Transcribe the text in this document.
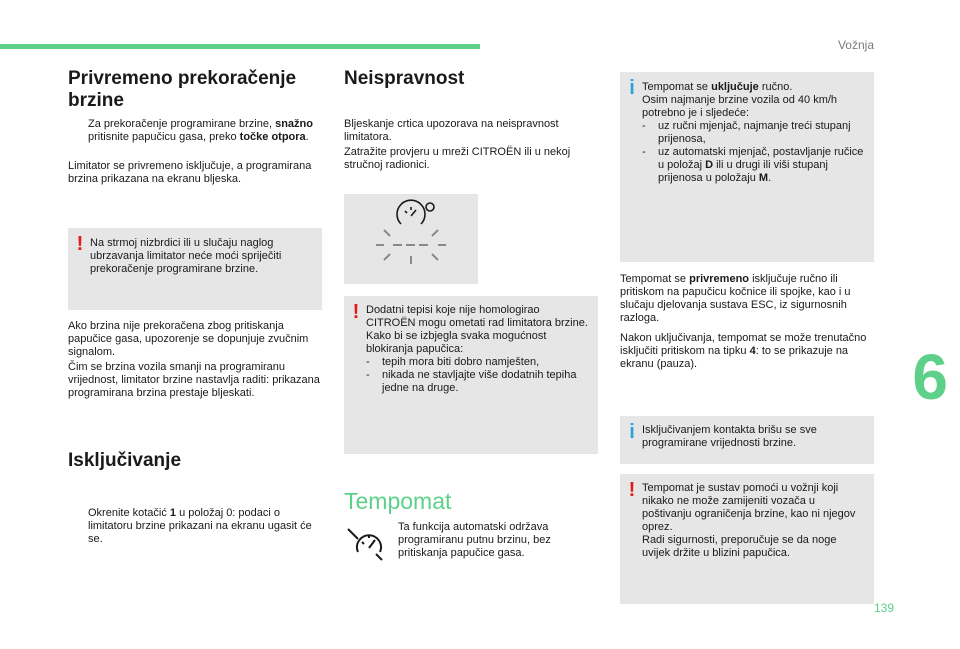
Vožnja
6
139
Privremeno prekoračenje brzine
Za prekoračenje programirane brzine, snažno pritisnite papučicu gasa, preko točke otpora.
Limitator se privremeno isključuje, a programirana brzina prikazana na ekranu bljeska.
! Na strmoj nizbrdici ili u slučaju naglog ubrzavanja limitator neće moći spriječiti prekoračenje programirane brzine.
Ako brzina nije prekoračena zbog pritiskanja papučice gasa, upozorenje se dopunjuje zvučnim signalom.
Čim se brzina vozila smanji na programiranu vrijednost, limitator brzine nastavlja raditi: prikazana programirana brzina prestaje bljeskati.
Isključivanje
Okrenite kotačić 1 u položaj 0: podaci o limitatoru brzine prikazani na ekranu ugasit će se.
Neispravnost
Bljeskanje crtica upozorava na neispravnost limitatora.
Zatražite provjeru u mreži CITROËN ili u nekoj stručnoj radionici.
! Dodatni tepisi koje nije homologirao CITROËN mogu ometati rad limitatora brzine.
Kako bi se izbjegla svaka mogućnost blokiranja papučica:
-	tepih mora biti dobro namješten,
-	nikada ne stavljajte više dodatnih tepiha jedne na druge.
Tempomat
Ta funkcija automatski održava programiranu putnu brzinu, bez pritiskanja papučice gasa.
i Tempomat se uključuje ručno.
Osim najmanje brzine vozila od 40 km/h potrebno je i sljedeće:
-	uz ručni mjenjač, najmanje treći stupanj prijenosa,
-	uz automatski mjenjač, postavljanje ručice u položaj D ili u drugi ili viši stupanj prijenosa u položaju M.
Tempomat se privremeno isključuje ručno ili pritiskom na papučicu kočnice ili spojke, kao i u slučaju djelovanja sustava ESC, iz sigurnosnih razloga.
Nakon uključivanja, tempomat se može trenutačno isključiti pritiskom na tipku 4: to se prikazuje na ekranu (pauza).
i Isključivanjem kontakta brišu se sve programirane vrijednosti brzine.
! Tempomat je sustav pomoći u vožnji koji nikako ne može zamijeniti vozača u poštivanju ograničenja brzine, kao ni njegov oprez.
Radi sigurnosti, preporučuje se da noge uvijek držite u blizini papučica.
